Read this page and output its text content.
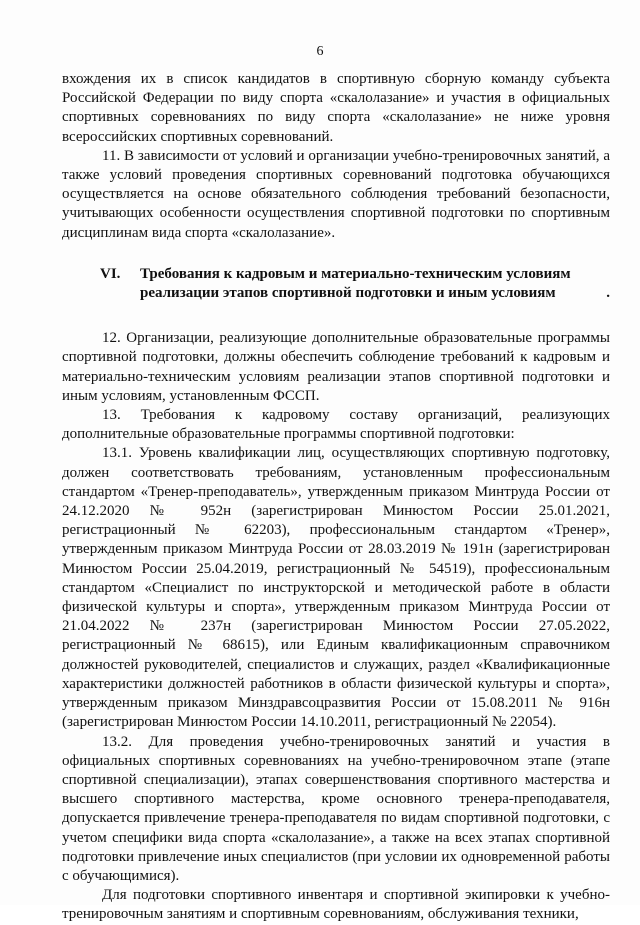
6

вхождения их в список кандидатов в спортивную сборную команду субъекта Российской Федерации по виду спорта «скалолазание» и участия в официальных спортивных соревнованиях по виду спорта «скалолазание» не ниже уровня всероссийских спортивных соревнований.

11. В зависимости от условий и организации учебно-тренировочных занятий, а также условий проведения спортивных соревнований подготовка обучающихся осуществляется на основе обязательного соблюдения требований безопасности, учитывающих особенности осуществления спортивной подготовки по спортивным дисциплинам вида спорта «скалолазание».

VI.	Требования к кадровым и материально-техническим условиям
реализации этапов спортивной подготовки и иным условиям	.

12. Организации, реализующие дополнительные образовательные программы спортивной подготовки, должны обеспечить соблюдение требований к кадровым и материально-техническим условиям реализации этапов спортивной подготовки и иным условиям, установленным ФССП.

13. Требования к кадровому составу организаций, реализующих дополнительные образовательные программы спортивной подготовки:

13.1. Уровень квалификации лиц, осуществляющих спортивную подготовку, должен соответствовать требованиям, установленным профессиональным стандартом «Тренер-преподаватель», утвержденным приказом Минтруда России от 24.12.2020 № 952н (зарегистрирован Минюстом России 25.01.2021, регистрационный № 62203), профессиональным стандартом «Тренер», утвержденным приказом Минтруда России от 28.03.2019 № 191н (зарегистрирован Минюстом России 25.04.2019, регистрационный № 54519), профессиональным стандартом «Специалист по инструкторской и методической работе в области физической культуры и спорта», утвержденным приказом Минтруда России от 21.04.2022 № 237н (зарегистрирован Минюстом России 27.05.2022, регистрационный № 68615), или Единым квалификационным справочником должностей руководителей, специалистов и служащих, раздел «Квалификационные характеристики должностей работников в области физической культуры и спорта», утвержденным приказом Минздравсоцразвития России от 15.08.2011 № 916н (зарегистрирован Минюстом России 14.10.2011, регистрационный № 22054).

13.2. Для проведения учебно-тренировочных занятий и участия в официальных спортивных соревнованиях на учебно-тренировочном этапе (этапе спортивной специализации), этапах совершенствования спортивного мастерства и высшего спортивного мастерства, кроме основного тренера-преподавателя, допускается привлечение тренера-преподавателя по видам спортивной подготовки, с учетом специфики вида спорта «скалолазание», а также на всех этапах спортивной подготовки привлечение иных специалистов (при условии их одновременной работы с обучающимися).

Для подготовки спортивного инвентаря и спортивной экипировки к учебно-тренировочным занятиям и спортивным соревнованиям, обслуживания техники,
